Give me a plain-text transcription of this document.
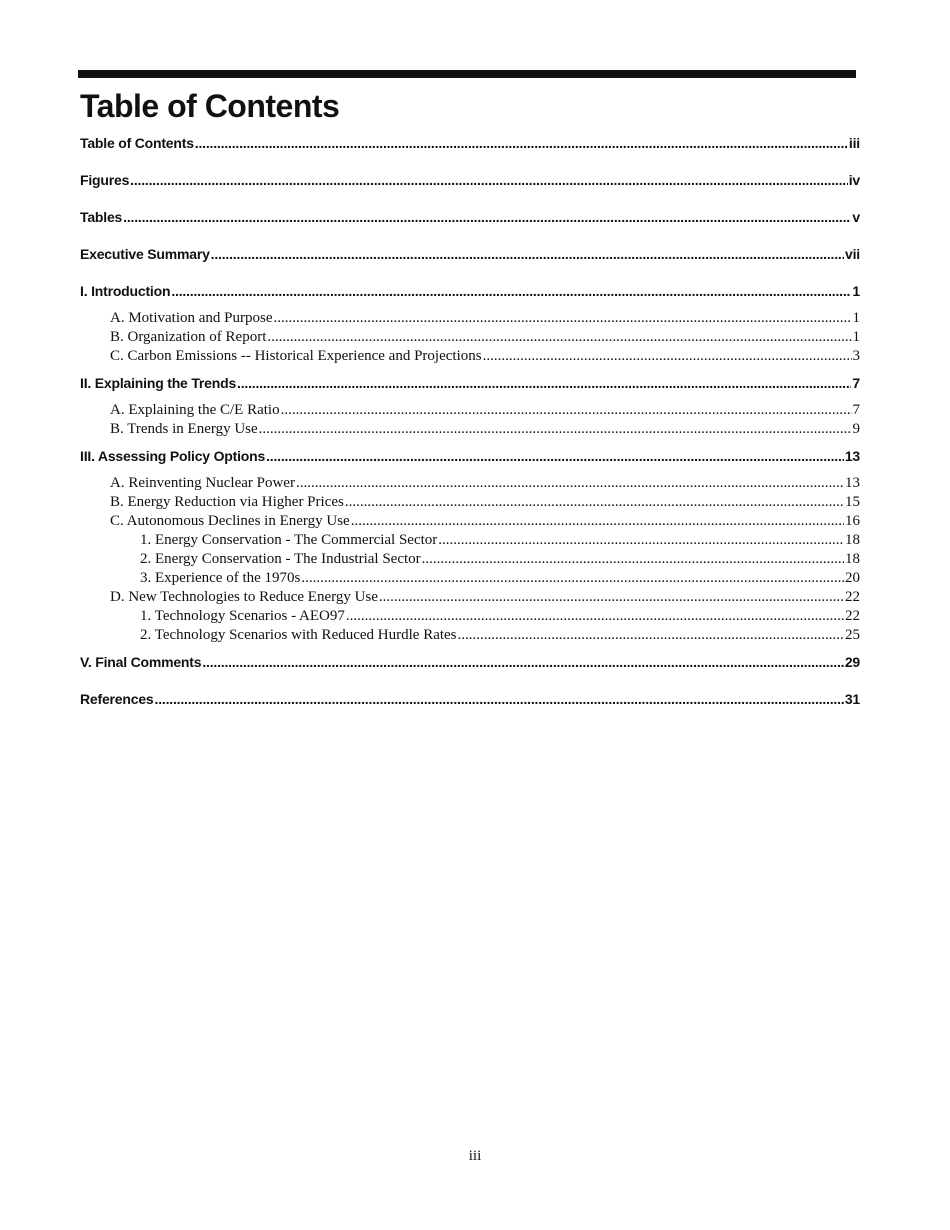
Table of Contents
Table of Contents .....	iii
Figures .....	iv
Tables .....	v
Executive Summary .....	vii
I. Introduction .....	1
A. Motivation and Purpose .....	1
B. Organization of Report .....	1
C. Carbon Emissions -- Historical Experience and Projections .....	3
II. Explaining the Trends .....	7
A. Explaining the C/E Ratio .....	7
B. Trends in Energy Use .....	9
III. Assessing Policy Options .....	13
A. Reinventing Nuclear Power .....	13
B. Energy Reduction via Higher Prices .....	15
C. Autonomous Declines in Energy Use .....	16
1. Energy Conservation - The Commercial Sector .....	18
2. Energy Conservation - The Industrial Sector .....	18
3. Experience of the 1970s .....	20
D. New Technologies to Reduce Energy Use .....	22
1. Technology Scenarios - AEO97 .....	22
2. Technology Scenarios with Reduced Hurdle Rates .....	25
V. Final Comments .....	29
References .....	31
iii
